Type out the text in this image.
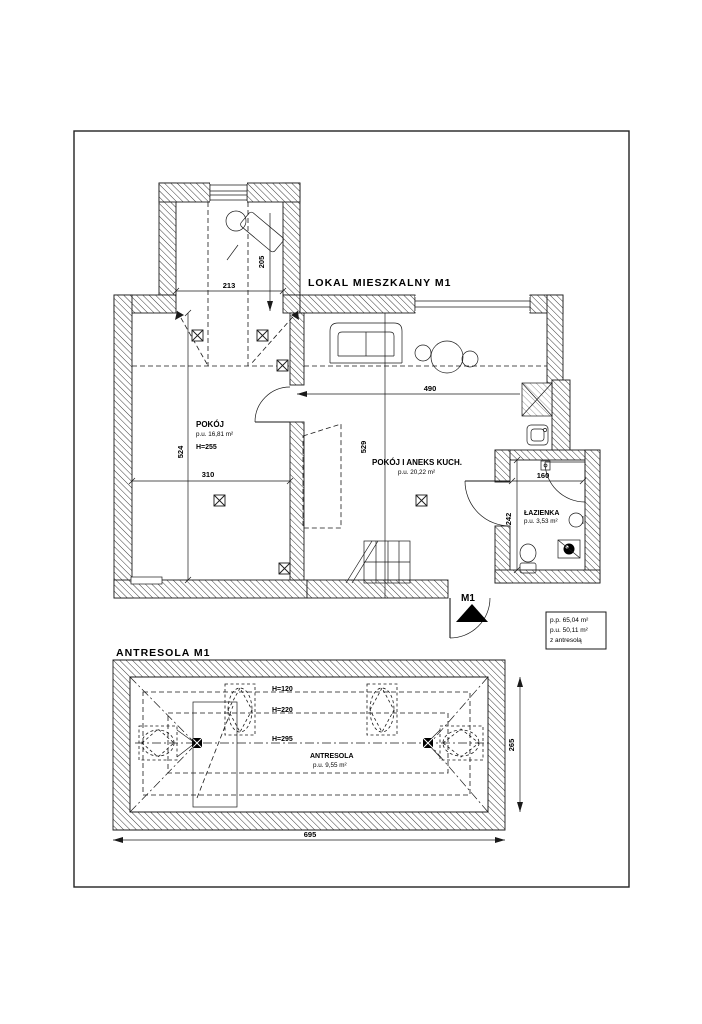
M1
213
205
524
310
490
529
160
242
LOKAL MIESZKALNY M1
POKÓJ
p.u. 16,81 m²
H=255
POKÓJ I ANEKS KUCH.
p.u. 20,22 m²
ŁAZIENKA
p.u. 3,53 m²
p.p. 65,04 m²
p.u. 50,11 m²
z antresolą
ANTRESOLA M1
H=120
H=220
H=295
ANTRESOLA
p.u. 9,55 m²
695
265
